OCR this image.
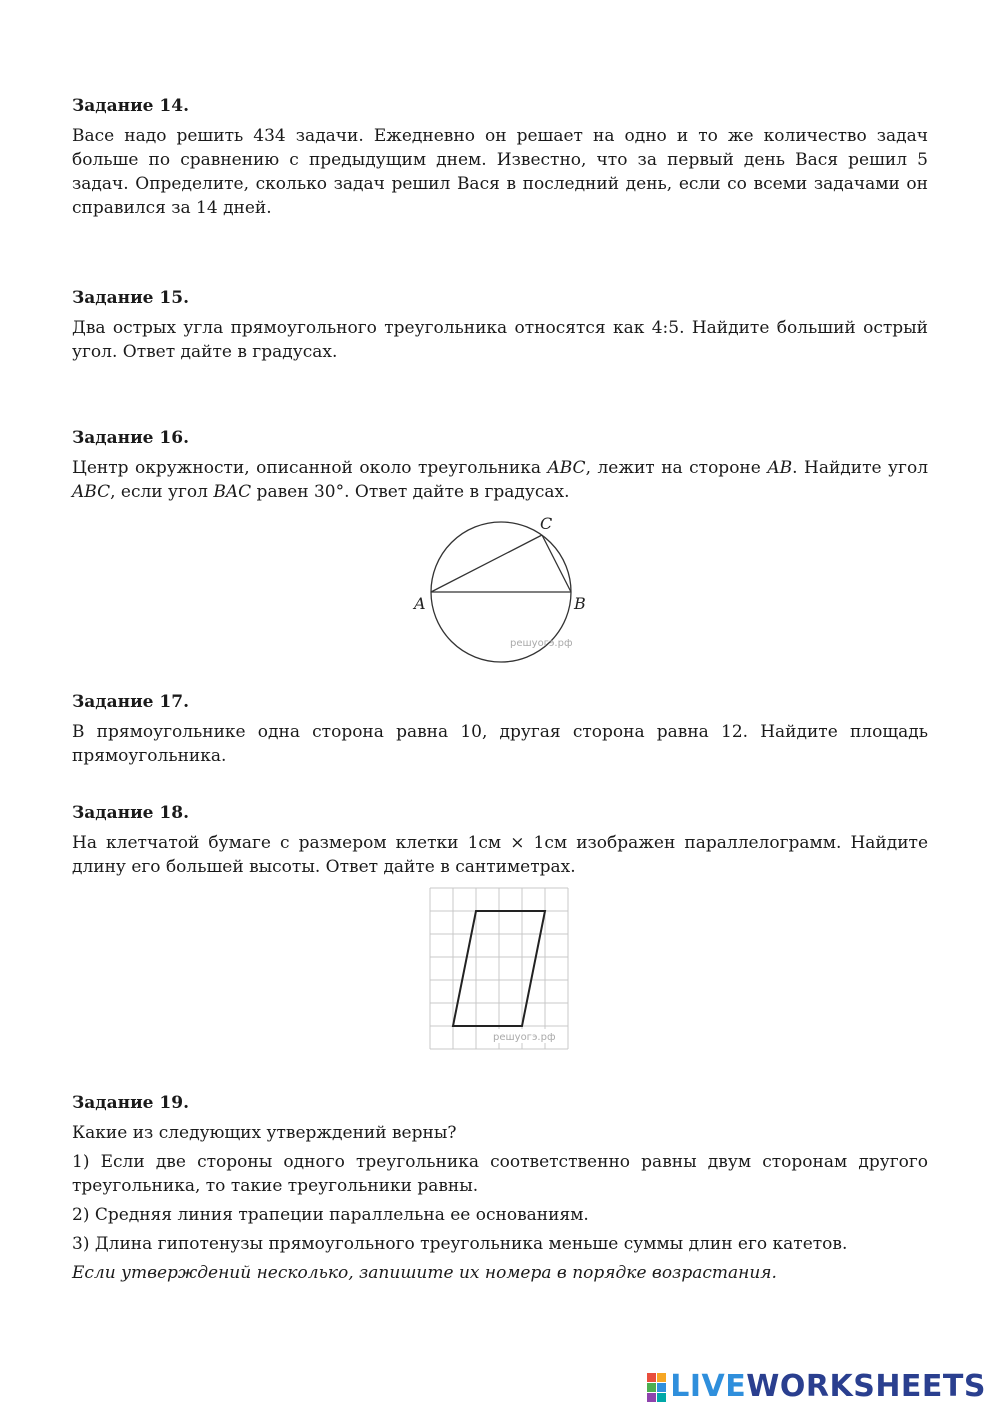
Задание 14.

Васе надо решить 434 задачи. Ежедневно он решает на одно и то же количество задач больше по сравнению с предыдущим днем. Известно, что за первый день Вася решил 5 задач. Определите, сколько задач решил Вася в последний день, если со всеми задачами он справился за 14 дней.

Задание 15.

Два острых угла прямоугольного треугольника относятся как 4:5. Найдите больший острый угол. Ответ дайте в градусах.

Задание 16.

Центр окружности, описанной около треугольника ABC, лежит на стороне AB. Найдите угол ABC, если угол BAC равен 30°. Ответ дайте в градусах.

A	B
C
решуогэ.рф
Задание 17.

В прямоугольнике одна сторона равна 10, другая сторона равна 12. Найдите площадь прямоугольника.

Задание 18.

На клетчатой бумаге с размером клетки 1см × 1см изображен параллелограмм. Найдите длину его большей высоты. Ответ дайте в сантиметрах.

решуогэ.рф
Задание 19.

Какие из следующих утверждений верны?

1) Если две стороны одного треугольника соответственно равны двум сторонам другого треугольника, то такие треугольники равны.

2) Средняя линия трапеции параллельна ее основаниям.

3) Длина гипотенузы прямоугольного треугольника меньше суммы длин его катетов.

Если утверждений несколько, запишите их номера в порядке возрастания.

LIVEWORKSHEETS
